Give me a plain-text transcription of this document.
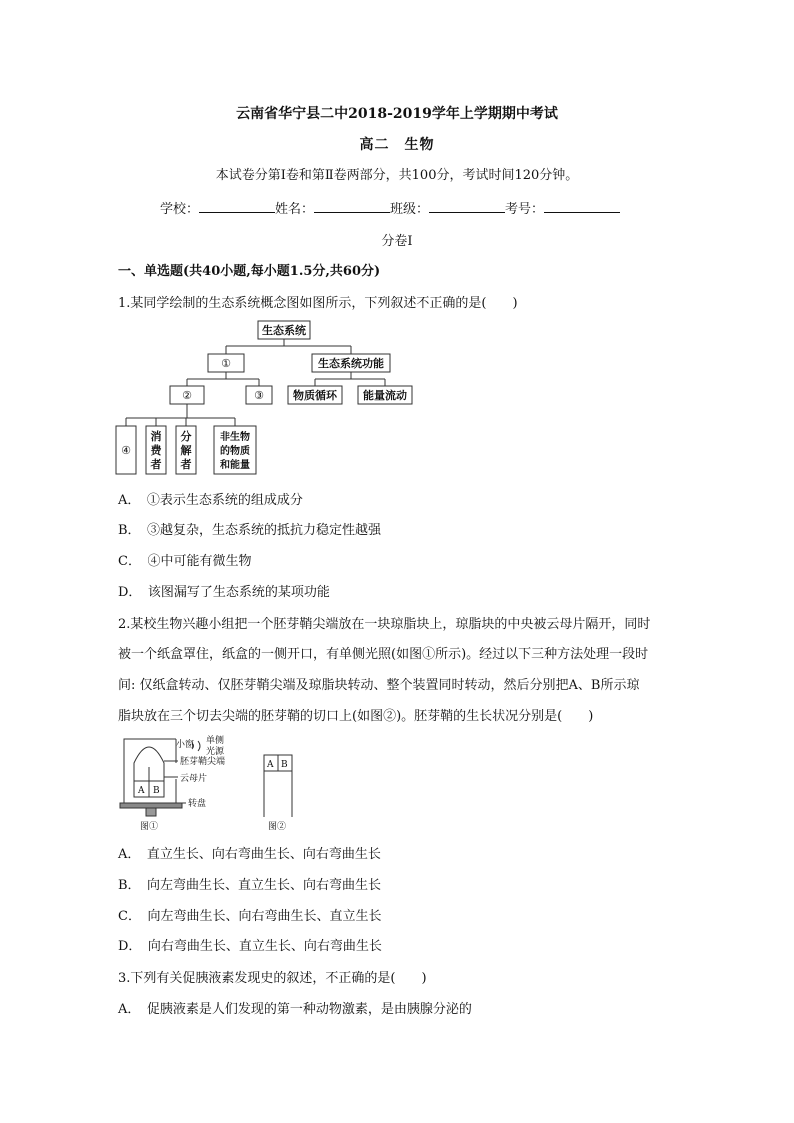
云南省华宁县二中2018-2019学年上学期期中考试
高二　生物
本试卷分第Ⅰ卷和第Ⅱ卷两部分，共100分，考试时间120分钟。
学校：	姓名：	班级：	考号：
分卷I
一、单选题(共40小题,每小题1.5分,共60分)
1.某同学绘制的生态系统概念图如图所示，下列叙述不正确的是(　　)
生态系统
①	生态系统功能
②	③	物质循环 能量流动
④
消
费
者
分
解
者
非生物
的物质
和能量
A．　①表示生态系统的组成成分
B．　③越复杂，生态系统的抵抗力稳定性越强
C．　④中可能有微生物
D．　该图漏写了生态系统的某项功能
2.某校生物兴趣小组把一个胚芽鞘尖端放在一块琼脂块上，琼脂块的中央被云母片隔开，同时
被一个纸盒罩住，纸盒的一侧开口，有单侧光照(如图①所示)。经过以下三种方法处理一段时
间: 仅纸盒转动、仅胚芽鞘尖端及琼脂块转动、整个装置同时转动，然后分别把A、B所示琼
脂块放在三个切去尖端的胚芽鞘的切口上(如图②)。胚芽鞘的生长状况分别是(　　)
小窗 单侧
光源
胚芽鞘尖端
云母片
转盘
A B
A B
图①	图②
A．　直立生长、向右弯曲生长、向右弯曲生长
B．　向左弯曲生长、直立生长、向右弯曲生长
C．　向左弯曲生长、向右弯曲生长、直立生长
D．　向右弯曲生长、直立生长、向右弯曲生长
3.下列有关促胰液素发现史的叙述，不正确的是(　　)
A．　促胰液素是人们发现的第一种动物激素，是由胰腺分泌的
